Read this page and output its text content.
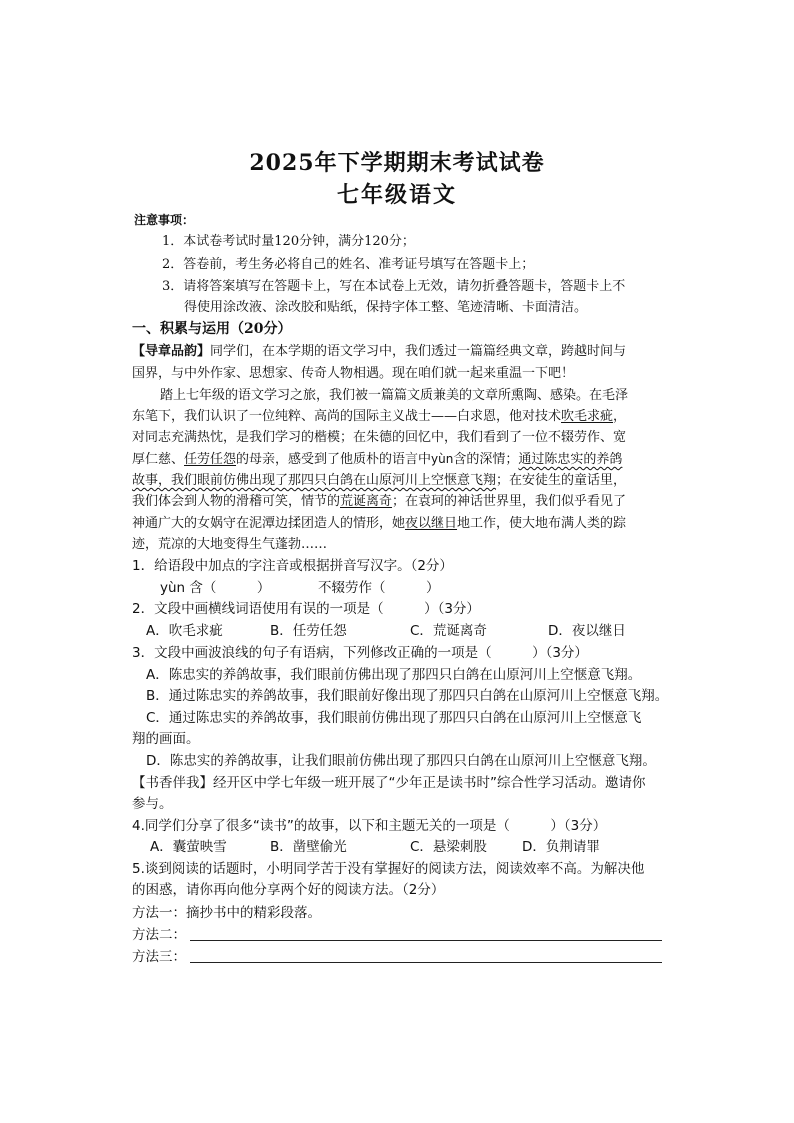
2025年下学期期末考试试卷
七年级语文
注意事项：
1．本试卷考试时量120分钟，满分120分；
2．答卷前，考生务必将自己的姓名、准考证号填写在答题卡上；
3．请将答案填写在答题卡上，写在本试卷上无效，请勿折叠答题卡，答题卡上不
得使用涂改液、涂改胶和贴纸，保持字体工整、笔迹清晰、卡面清洁。
一、积累与运用（20分）
【导章品韵】同学们，在本学期的语文学习中，我们透过一篇篇经典文章，跨越时间与
国界，与中外作家、思想家、传奇人物相遇。现在咱们就一起来重温一下吧！
踏上七年级的语文学习之旅，我们被一篇篇文质兼美的文章所熏陶、感染。在毛泽
东笔下，我们认识了一位纯粹、高尚的国际主义战士——白求恩，他对技术吹毛求疵，
对同志充满热忱，是我们学习的楷模；在朱德的回忆中，我们看到了一位不辍劳作、宽
厚仁慈、任劳任怨的母亲，感受到了他质朴的语言中yùn含的深情；通过陈忠实的养鸽
故事，我们眼前仿佛出现了那四只白鸽在山原河川上空惬意飞翔；在安徒生的童话里，
我们体会到人物的滑稽可笑，情节的荒诞离奇；在袁珂的神话世界里，我们似乎看见了
神通广大的女娲守在泥潭边揉团造人的情形，她夜以继日地工作，使大地布满人类的踪
迹，荒凉的大地变得生气蓬勃……
1．给语段中加点的字注音或根据拼音写汉字。（2分）
yùn 含（　　　）	不辍劳作（　　　）
2．文段中画横线词语使用有误的一项是（　　　）（3分）
A．吹毛求疵	B．任劳任怨	C．荒诞离奇	D．夜以继日
3．文段中画波浪线的句子有语病，下列修改正确的一项是（　　　）（3分）
A．陈忠实的养鸽故事，我们眼前仿佛出现了那四只白鸽在山原河川上空惬意飞翔。
B．通过陈忠实的养鸽故事，我们眼前好像出现了那四只白鸽在山原河川上空惬意飞翔。
C．通过陈忠实的养鸽故事，我们眼前仿佛出现了那四只白鸽在山原河川上空惬意飞
翔的画面。
D．陈忠实的养鸽故事，让我们眼前仿佛出现了那四只白鸽在山原河川上空惬意飞翔。
【书香伴我】经开区中学七年级一班开展了“少年正是读书时”综合性学习活动。邀请你
参与。
4.同学们分享了很多“读书”的故事，以下和主题无关的一项是（　　　）（3分）
A．囊萤映雪	B．凿壁偷光	C．悬梁刺股	D．负荆请罪
5.谈到阅读的话题时，小明同学苦于没有掌握好的阅读方法，阅读效率不高。为解决他
的困惑，请你再向他分享两个好的阅读方法。（2分）
方法一：摘抄书中的精彩段落。
方法二：
方法三：
